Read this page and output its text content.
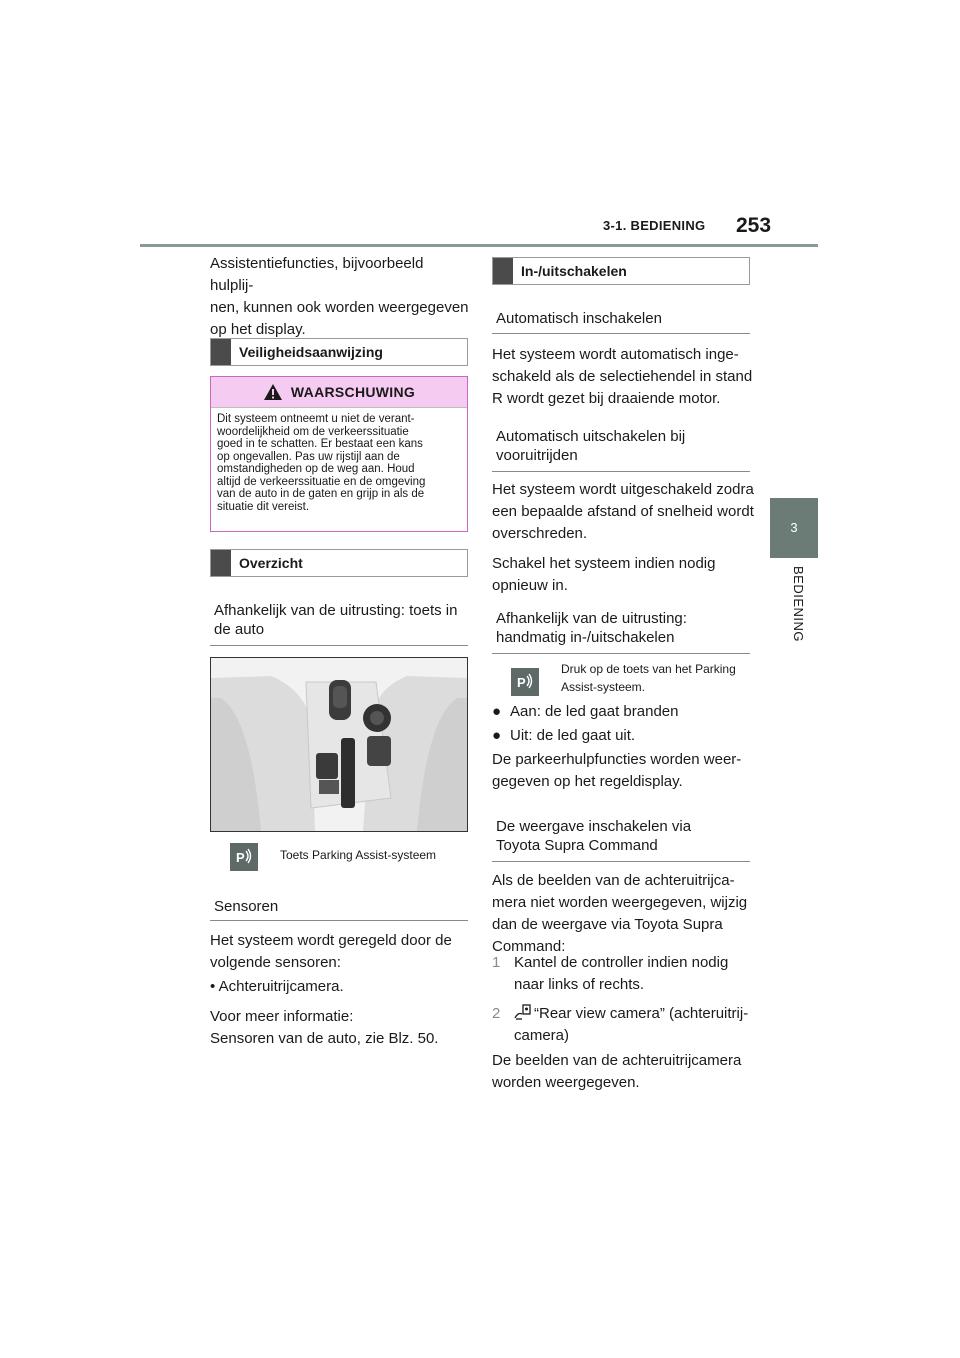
3-1. BEDIENING 253
3
BEDIENING

Assistentiefuncties, bijvoorbeeld hulplij-

nen, kunnen ook worden weergegeven

op het display.

Veiligheidsaanwijzing
WAARSCHUWING
Dit systeem ontneemt u niet de verant-
woordelijkheid om de verkeerssituatie
goed in te schatten. Er bestaat een kans
op ongevallen. Pas uw rijstijl aan de
omstandigheden op de weg aan. Houd
altijd de verkeerssituatie en de omgeving
van de auto in de gaten en grijp in als de
situatie dit vereist.
Overzicht
Afhankelijk van de uitrusting: toets in
de auto
P	Toets Parking Assist-systeem
Sensoren

Het systeem wordt geregeld door de

volgende sensoren:

• Achteruitrijcamera.

Voor meer informatie:

Sensoren van de auto, zie Blz. 50.

In-/uitschakelen
Automatisch inschakelen

Het systeem wordt automatisch inge-

schakeld als de selectiehendel in stand

R wordt gezet bij draaiende motor.

Automatisch uitschakelen bij
vooruitrijden

Het systeem wordt uitgeschakeld zodra

een bepaalde afstand of snelheid wordt

overschreden.

Schakel het systeem indien nodig

opnieuw in.

Afhankelijk van de uitrusting:
handmatig in-/uitschakelen
P
Druk op de toets van het Parking
Assist-systeem.

● Aan: de led gaat branden

● Uit: de led gaat uit.

De parkeerhulpfuncties worden weer-

gegeven op het regeldisplay.

De weergave inschakelen via
Toyota Supra Command

Als de beelden van de achteruitrijca-

mera niet worden weergegeven, wijzig

dan de weergave via Toyota Supra

Command:

1 Kantel de controller indien nodig

naar links of rechts.

2 “Rear view camera” (achteruitrij-

camera)

De beelden van de achteruitrijcamera

worden weergegeven.
